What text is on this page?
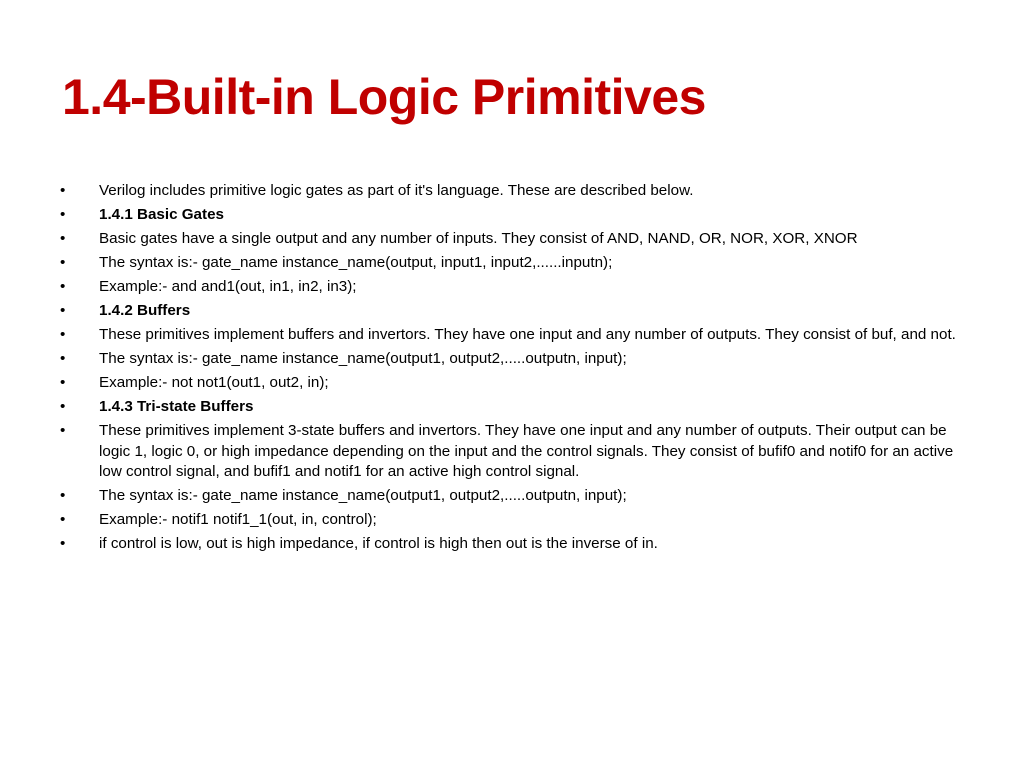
1.4-Built-in Logic Primitives
•	Verilog includes primitive logic gates as part of it's language. These are described below.
•	1.4.1 Basic Gates
•	Basic gates have a single output and any number of inputs. They consist of AND, NAND, OR, NOR, XOR, XNOR
•	The syntax is:- gate_name instance_name(output, input1, input2,......inputn);
•	Example:- and and1(out, in1, in2, in3);
•	1.4.2 Buffers
•	These primitives implement buffers and invertors. They have one input and any number of outputs. They consist of buf, and not.
•	The syntax is:- gate_name instance_name(output1, output2,.....outputn, input);
•	Example:- not not1(out1, out2, in);
•	1.4.3 Tri-state Buffers
•	These primitives implement 3-state buffers and invertors. They have one input and any number of outputs. Their output can be logic 1, logic 0, or high impedance depending on the input and the control signals. They consist of bufif0 and notif0 for an active low control signal, and bufif1 and notif1 for an active high control signal.
•	The syntax is:- gate_name instance_name(output1, output2,.....outputn, input);
•	Example:- notif1 notif1_1(out, in, control);
•	if control is low, out is high impedance, if control is high then out is the inverse of in.
